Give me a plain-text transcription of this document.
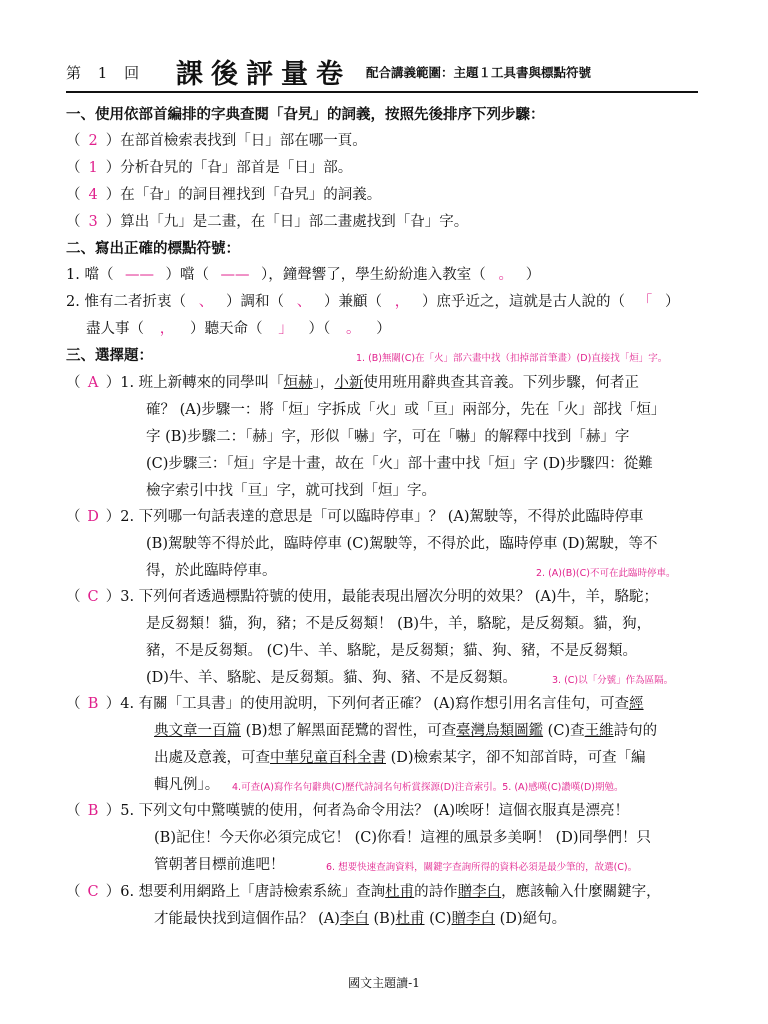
第 1 回 課後評量卷 配合講義範圍：主題１工具書與標點符號
一、使用依部首編排的字典查閱「旮旯」的詞義，按照先後排序下列步驟：
（ 2 ）在部首檢索表找到「日」部在哪一頁。
（ 1 ）分析旮旯的「旮」部首是「日」部。
（ 4 ）在「旮」的詞目裡找到「旮旯」的詞義。
（ 3 ）算出「九」是二畫，在「日」部二畫處找到「旮」字。
二、寫出正確的標點符號：
1. 噹（ —— ）噹（ —— ），鐘聲響了，學生紛紛進入教室（ 。 ）
2. 惟有二者折衷（ 、 ）調和（ 、 ）兼顧（ ， ）庶乎近之，這就是古人說的（ 「 ）
盡人事（ ， ）聽天命（ 」 ）（ 。 ）
三、選擇題：	1. (B)無關(C)在「火」部六畫中找（扣掉部首筆畫）(D)直接找「烜」字。
（ A ）1. 班上新轉來的同學叫「烜赫」，小新使用班用辭典查其音義。下列步驟，何者正
確？ (A)步驟一：將「烜」字拆成「火」或「亘」兩部分，先在「火」部找「烜」
字 (B)步驟二：「赫」字，形似「嚇」字，可在「嚇」的解釋中找到「赫」字
(C)步驟三：「烜」字是十畫，故在「火」部十畫中找「烜」字 (D)步驟四：從難
檢字索引中找「亘」字，就可找到「烜」字。
（ D ）2. 下列哪一句話表達的意思是「可以臨時停車」？ (A)駕駛等，不得於此臨時停車
(B)駕駛等不得於此，臨時停車 (C)駕駛等，不得於此，臨時停車 (D)駕駛，等不
得，於此臨時停車。	2. (A)(B)(C)不可在此臨時停車。
（ C ）3. 下列何者透過標點符號的使用，最能表現出層次分明的效果？ (A)牛，羊，駱駝；
是反芻類！貓，狗，豬；不是反芻類！ (B)牛，羊，駱駝，是反芻類。貓，狗，
豬，不是反芻類。 (C)牛、羊、駱駝，是反芻類；貓、狗、豬，不是反芻類。
(D)牛、羊、駱駝、是反芻類。貓、狗、豬、不是反芻類。	3. (C)以「分號」作為區隔。
（ B ）4. 有關「工具書」的使用說明，下列何者正確？ (A)寫作想引用名言佳句，可查經
典文章一百篇 (B)想了解黑面琵鷺的習性，可查臺灣鳥類圖鑑 (C)查王維詩句的
出處及意義，可查中華兒童百科全書 (D)檢索某字，卻不知部首時，可查「編
輯凡例」。 4.可查(A)寫作名句辭典(C)歷代詩詞名句析賞探源(D)注音索引。5. (A)感嘆(C)讚嘆(D)期勉。
（ B ）5. 下列文句中驚嘆號的使用，何者為命令用法？ (A)唉呀！這個衣服真是漂亮！
(B)記住！今天你必須完成它！ (C)你看！這裡的風景多美啊！ (D)同學們！只
管朝著目標前進吧！	6. 想要快速查詢資料，關鍵字查詢所得的資料必須是最少筆的，故選(C)。
（ C ）6. 想要利用網路上「唐詩檢索系統」查詢杜甫的詩作贈李白，應該輸入什麼關鍵字，
才能最快找到這個作品？ (A)李白 (B)杜甫 (C)贈李白 (D)絕句。
國文主題讀-1
